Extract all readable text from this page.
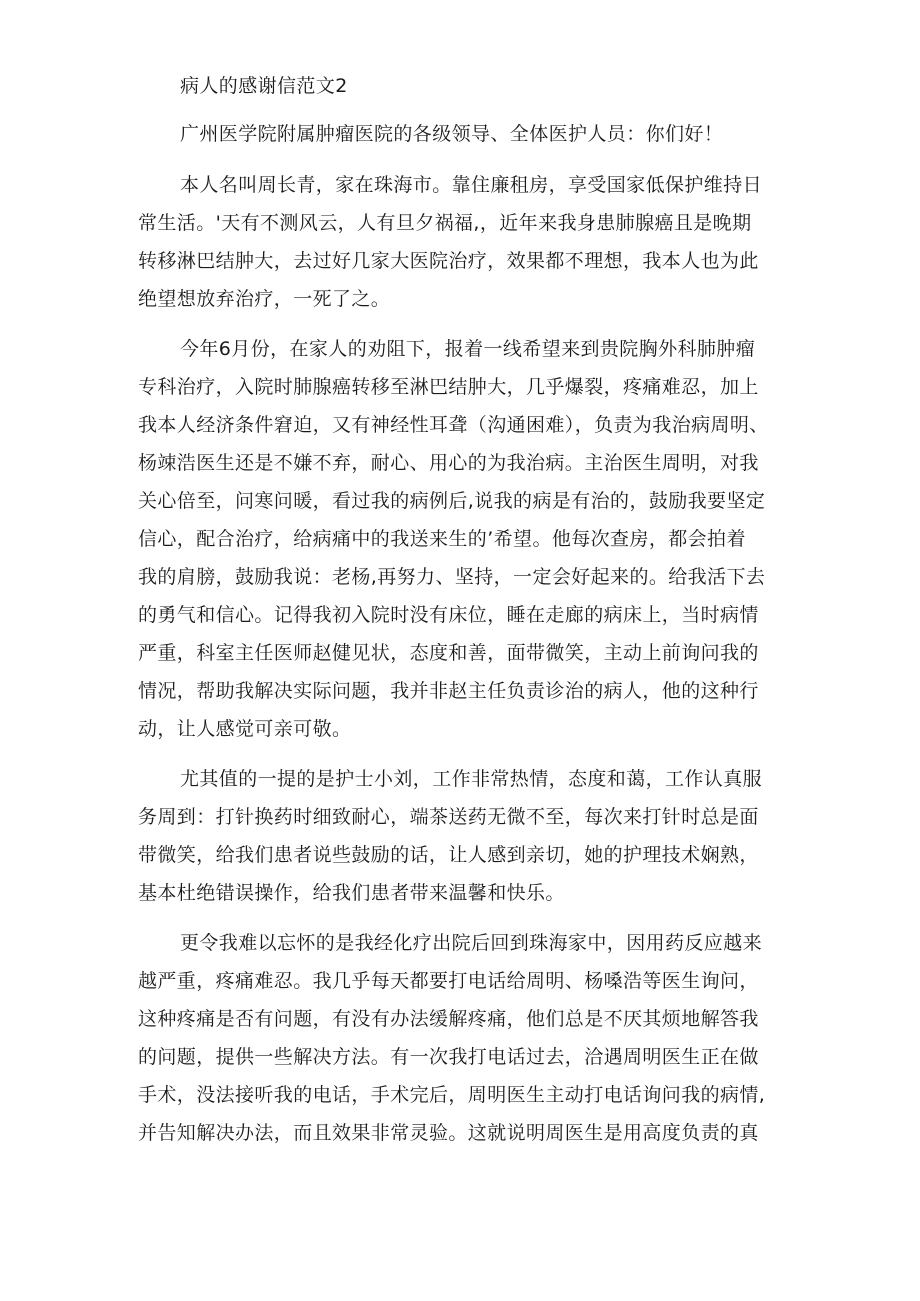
病人的感谢信范文2
广州医学院附属肿瘤医院的各级领导、全体医护人员：你们好！
本人名叫周长青，家在珠海市。靠住廉租房，享受国家低保护维持日
常生活。'天有不测风云，人有旦夕祸福,，近年来我身患肺腺癌且是晚期
转移淋巴结肿大，去过好几家大医院治疗，效果都不理想，我本人也为此
绝望想放弃治疗，一死了之。
今年6月份，在家人的劝阻下，报着一线希望来到贵院胸外科肺肿瘤
专科治疗，入院时肺腺癌转移至淋巴结肿大，几乎爆裂，疼痛难忍，加上
我本人经济条件窘迫，又有神经性耳聋（沟通困难），负责为我治病周明、
杨竦浩医生还是不嫌不弃，耐心、用心的为我治病。主治医生周明，对我
关心倍至，问寒问暖，看过我的病例后,说我的病是有治的，鼓励我要坚定
信心，配合治疗，给病痛中的我送来生的’希望。他每次查房，都会拍着
我的肩膀，鼓励我说：老杨,再努力、坚持，一定会好起来的。给我活下去
的勇气和信心。记得我初入院时没有床位，睡在走廊的病床上，当时病情
严重，科室主任医师赵健见状，态度和善，面带微笑，主动上前询问我的
情况，帮助我解决实际问题，我并非赵主任负责诊治的病人，他的这种行
动，让人感觉可亲可敬。
尤其值的一提的是护士小刘，工作非常热情，态度和蔼，工作认真服
务周到：打针换药时细致耐心，端茶送药无微不至，每次来打针时总是面
带微笑，给我们患者说些鼓励的话，让人感到亲切，她的护理技术娴熟，
基本杜绝错误操作，给我们患者带来温馨和快乐。
更令我难以忘怀的是我经化疗出院后回到珠海家中，因用药反应越来
越严重，疼痛难忍。我几乎每天都要打电话给周明、杨嗓浩等医生询问，
这种疼痛是否有问题，有没有办法缓解疼痛，他们总是不厌其烦地解答我
的问题，提供一些解决方法。有一次我打电话过去，洽遇周明医生正在做
手术，没法接听我的电话，手术完后，周明医生主动打电话询问我的病情,
并告知解决办法，而且效果非常灵验。这就说明周医生是用高度负责的真
